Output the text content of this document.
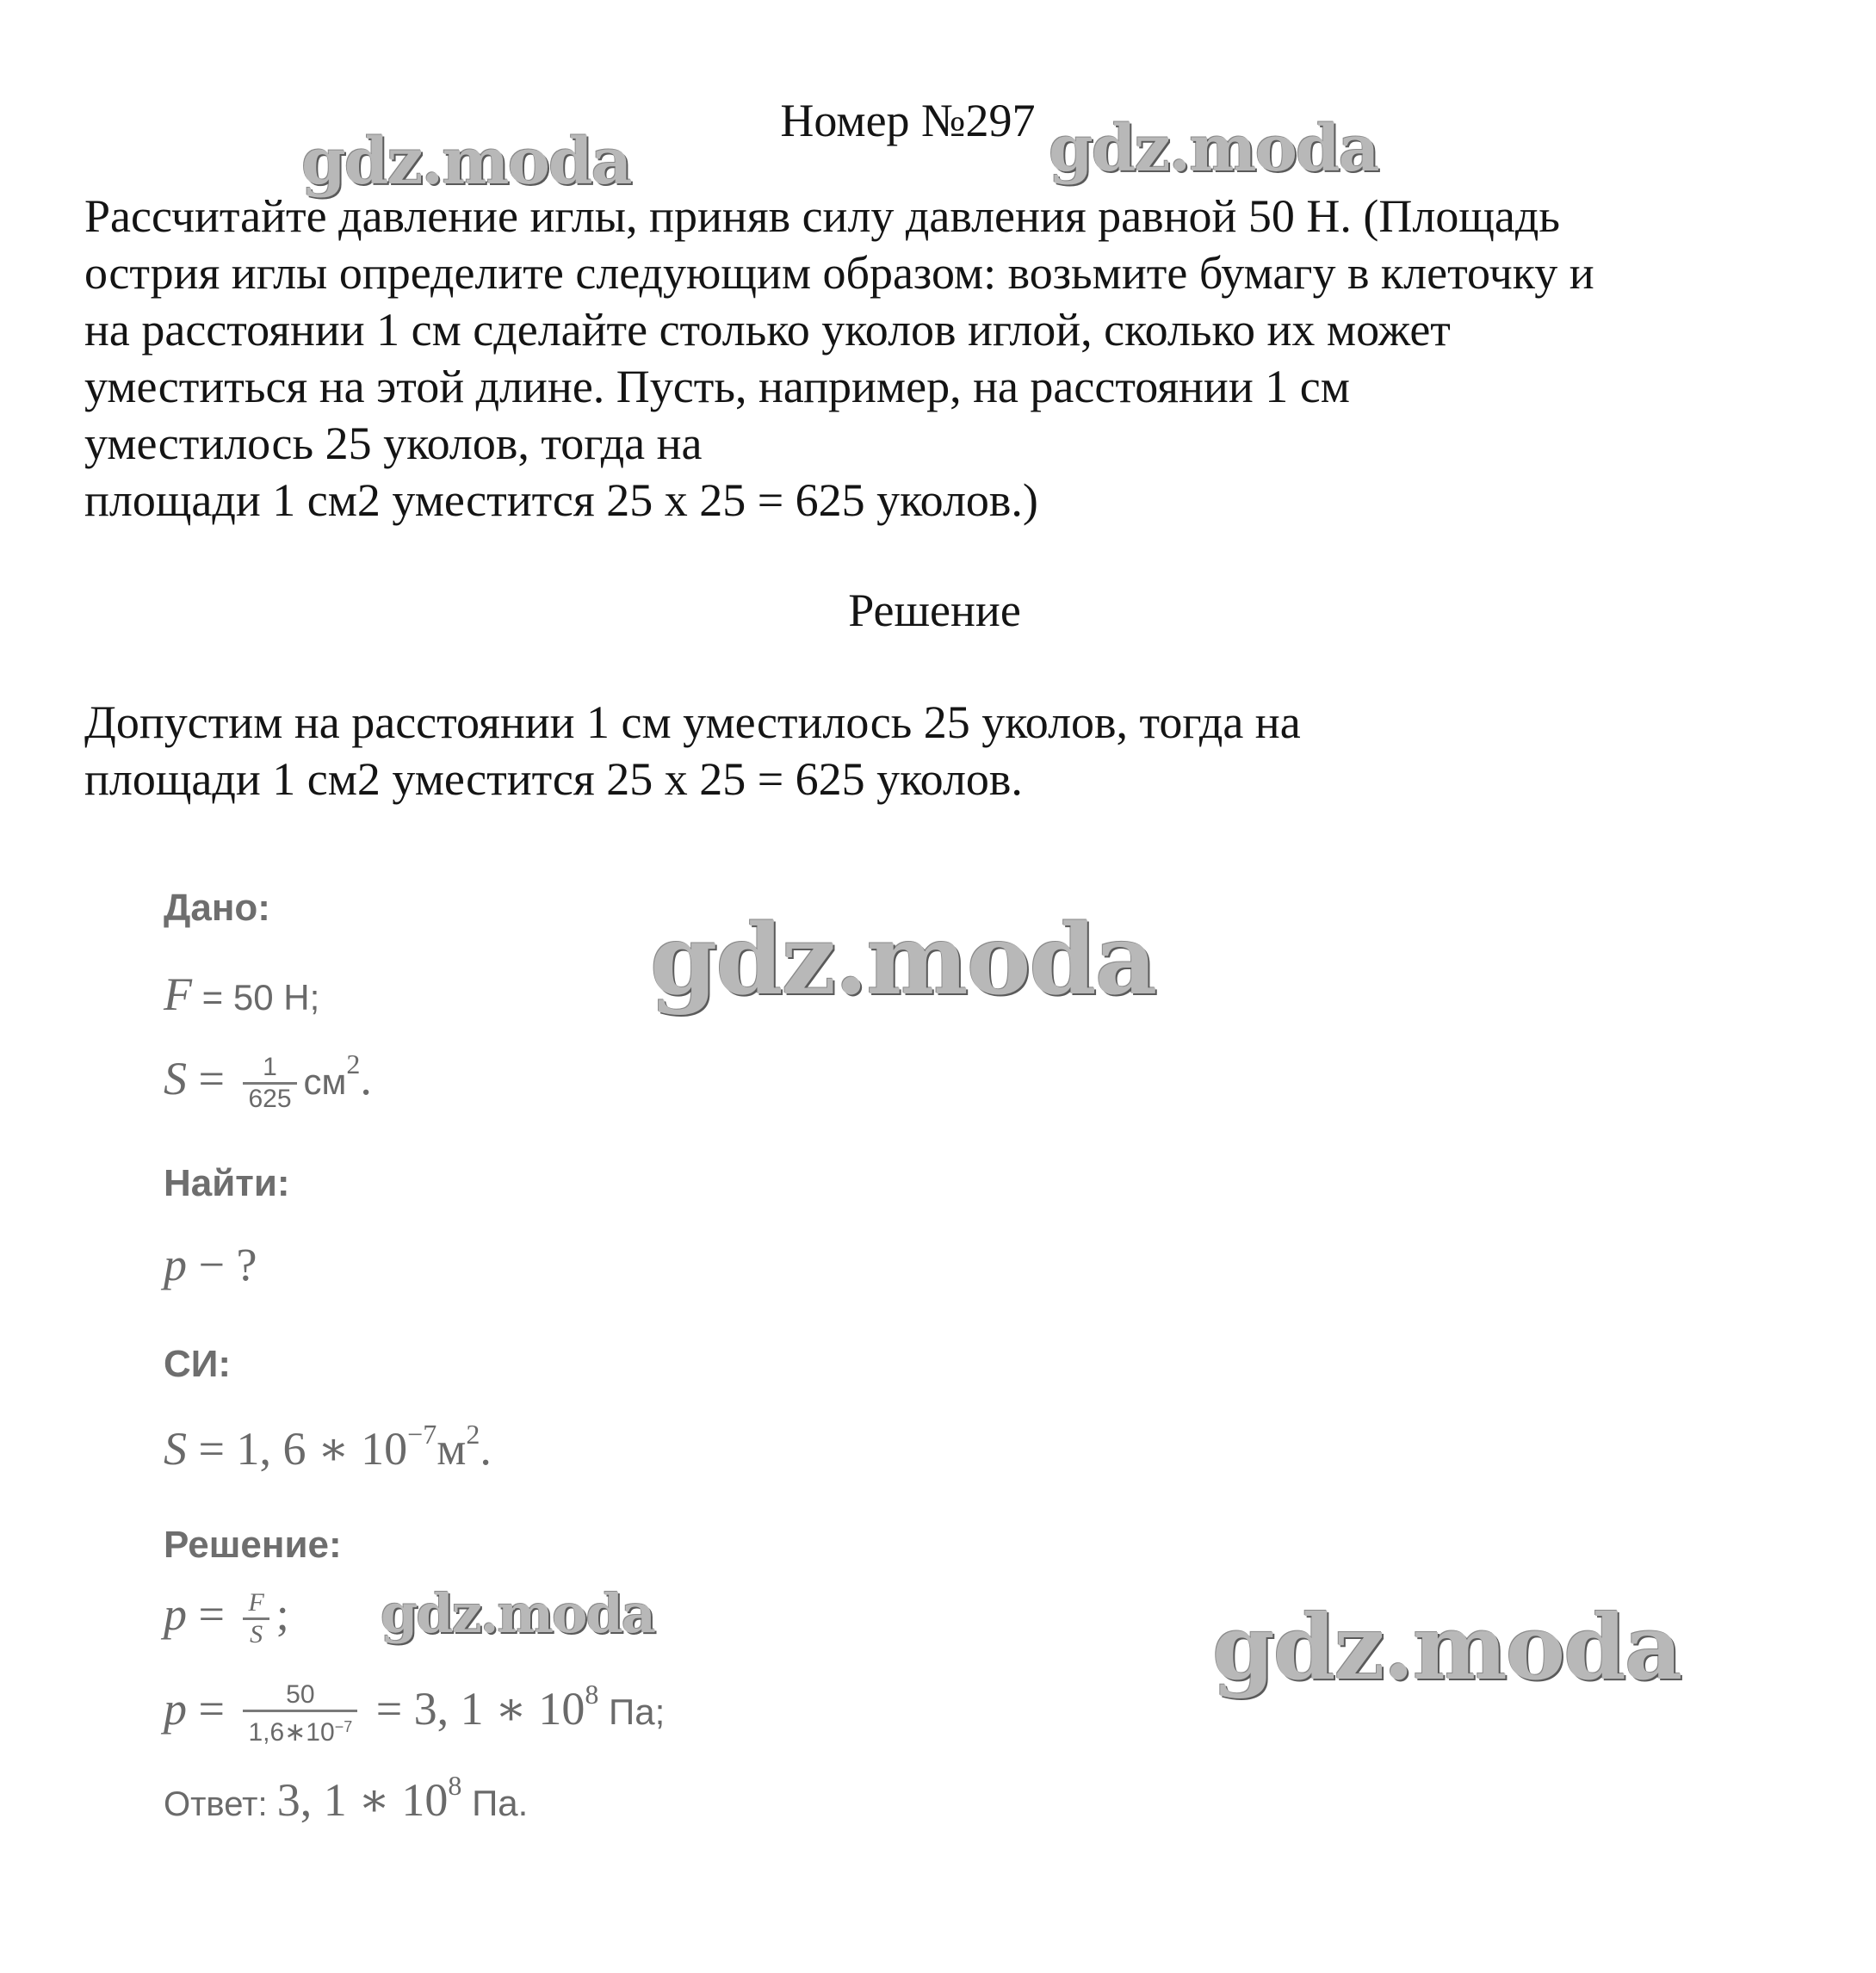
Номер №297
Рассчитайте давление иглы, приняв силу давления равной 50 Н. (Площадь
острия иглы определите следующим образом: возьмите бумагу в клеточку и
на расстоянии 1 см сделайте столько уколов иглой, сколько их может
уместиться на этой длине. Пусть, например, на расстоянии 1 см
уместилось 25 уколов, тогда на
площади 1 см2 уместится 25 х 25 = 625 уколов.)
Решение
Допустим на расстоянии 1 см уместилось 25 уколов, тогда на
площади 1 см2 уместится 25 х 25 = 625 уколов.
Дано:
F = 50 Н;
$S = \frac{1}{625} см^2$.
Найти:
p − ?
СИ:
S = 1, 6 ∗ $10^{-7}м^2$.
Решение:
$p = \frac{F}{S}$ ;
$p = \frac{50}{1,6∗10^{-7}} = 3$, 1 ∗ $10^8$ Па;
Ответ: 3, 1 ∗ $10^8$ Па.
gdz.moda	gdz.moda
gdz.moda
gdz.moda	gdz.moda
